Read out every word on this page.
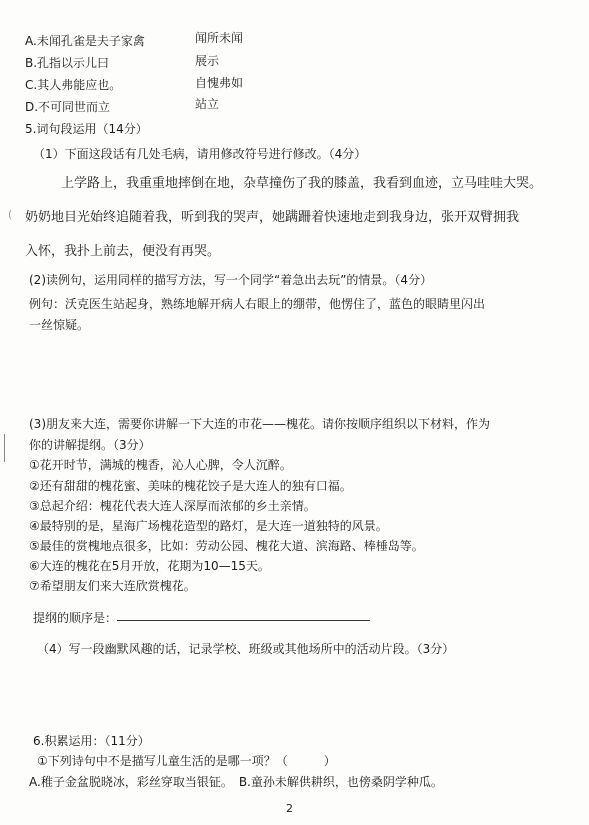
A.未闻孔雀是夫子家禽	闻所未闻
B.孔指以示儿曰	展示
C.其人弗能应也。	自愧弗如
D.不可同世而立	站立
5.词句段运用（14分）
（1）下面这段话有几处毛病，请用修改符号进行修改。（4分）
上学路上，我重重地摔倒在地，杂草撞伤了我的膝盖，我看到血迹，立马哇哇大哭。
( 奶奶地目光始终追随着我，听到我的哭声，她蹒跚着快速地走到我身边，张开双臂拥我
入怀，我扑上前去，便没有再哭。
(2)读例句，运用同样的描写方法，写一个同学“着急出去玩”的情景。（4分）
例句：沃克医生站起身，熟练地解开病人右眼上的绷带，他愣住了，蓝色的眼睛里闪出
一丝惊疑。
(3)朋友来大连，需要你讲解一下大连的市花——槐花。请你按顺序组织以下材料，作为
你的讲解提纲。（3分）
①花开时节，满城的槐香，沁人心脾，令人沉醉。
②还有甜甜的槐花蜜、美味的槐花饺子是大连人的独有口福。
③总起介绍：槐花代表大连人深厚而浓郁的乡土亲情。
④最特别的是，星海广场槐花造型的路灯，是大连一道独特的风景。
⑤最佳的赏槐地点很多，比如：劳动公园、槐花大道、滨海路、棒棰岛等。
⑥大连的槐花在5月开放，花期为10—15天。
⑦希望朋友们来大连欣赏槐花。
提纲的顺序是：
（4）写一段幽默风趣的话，记录学校、班级或其他场所中的活动片段。（3分）
6.积累运用：（11分）
①下列诗句中不是描写儿童生活的是哪一项？（　　　）
A.稚子金盆脱晓冰，彩丝穿取当银钲。　B.童孙未解供耕织，也傍桑阴学种瓜。
2
